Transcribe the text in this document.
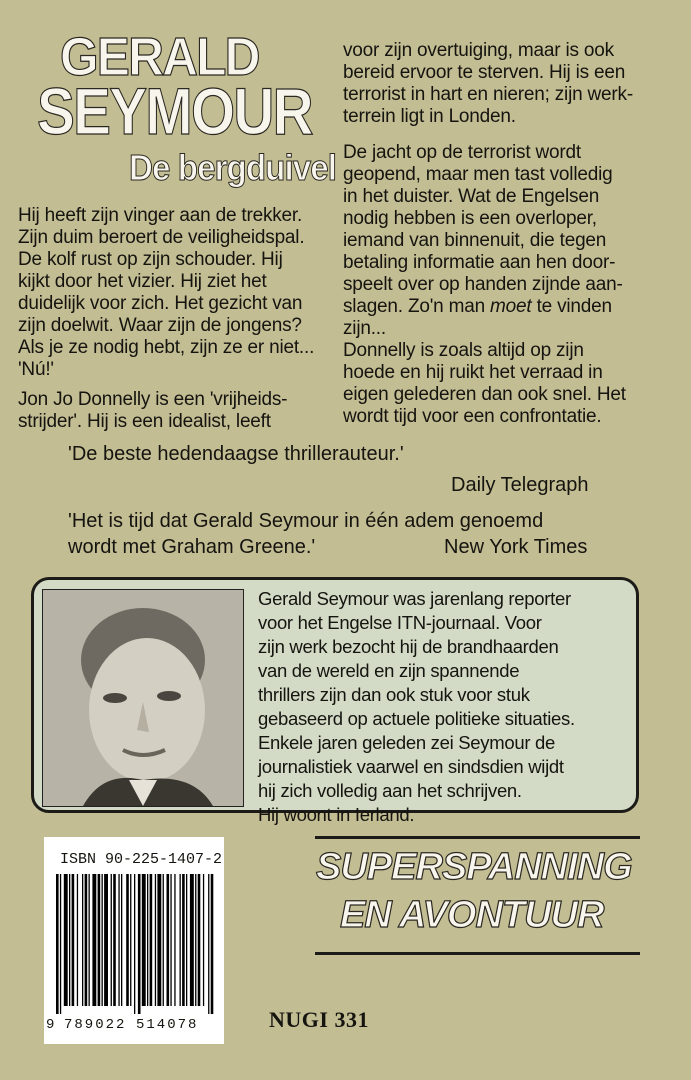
GERALD
SEYMOUR
De bergduivel

Hij heeft zijn vinger aan de trekker.

Zijn duim beroert de veiligheidspal.

De kolf rust op zijn schouder. Hij

kijkt door het vizier. Hij ziet het

duidelijk voor zich. Het gezicht van

zijn doelwit. Waar zijn de jongens?

Als je ze nodig hebt, zijn ze er niet...

'Nú!'

Jon Jo Donnelly is een 'vrijheids-

strijder'. Hij is een idealist, leeft

voor zijn overtuiging, maar is ook

bereid ervoor te sterven. Hij is een

terrorist in hart en nieren; zijn werk-

terrein ligt in Londen.

De jacht op de terrorist wordt

geopend, maar men tast volledig

in het duister. Wat de Engelsen

nodig hebben is een overloper,

iemand van binnenuit, die tegen

betaling informatie aan hen door-

speelt over op handen zijnde aan-

slagen. Zo'n man moet te vinden

zijn...

Donnelly is zoals altijd op zijn

hoede en hij ruikt het verraad in

eigen gelederen dan ook snel. Het

wordt tijd voor een confrontatie.

'De beste hedendaagse thrillerauteur.'
Daily Telegraph
'Het is tijd dat Gerald Seymour in één adem genoemd
wordt met Graham Greene.'	New York Times

Gerald Seymour was jarenlang reporter

voor het Engelse ITN-journaal. Voor

zijn werk bezocht hij de brandhaarden

van de wereld en zijn spannende

thrillers zijn dan ook stuk voor stuk

gebaseerd op actuele politieke situaties.

Enkele jaren geleden zei Seymour de

journalistiek vaarwel en sindsdien wijdt

hij zich volledig aan het schrijven.

Hij woont in Ierland.

ISBN 90-225-1407-2
9 789022 514078
SUPERSPANNING
EN AVONTUUR
NUGI 331
